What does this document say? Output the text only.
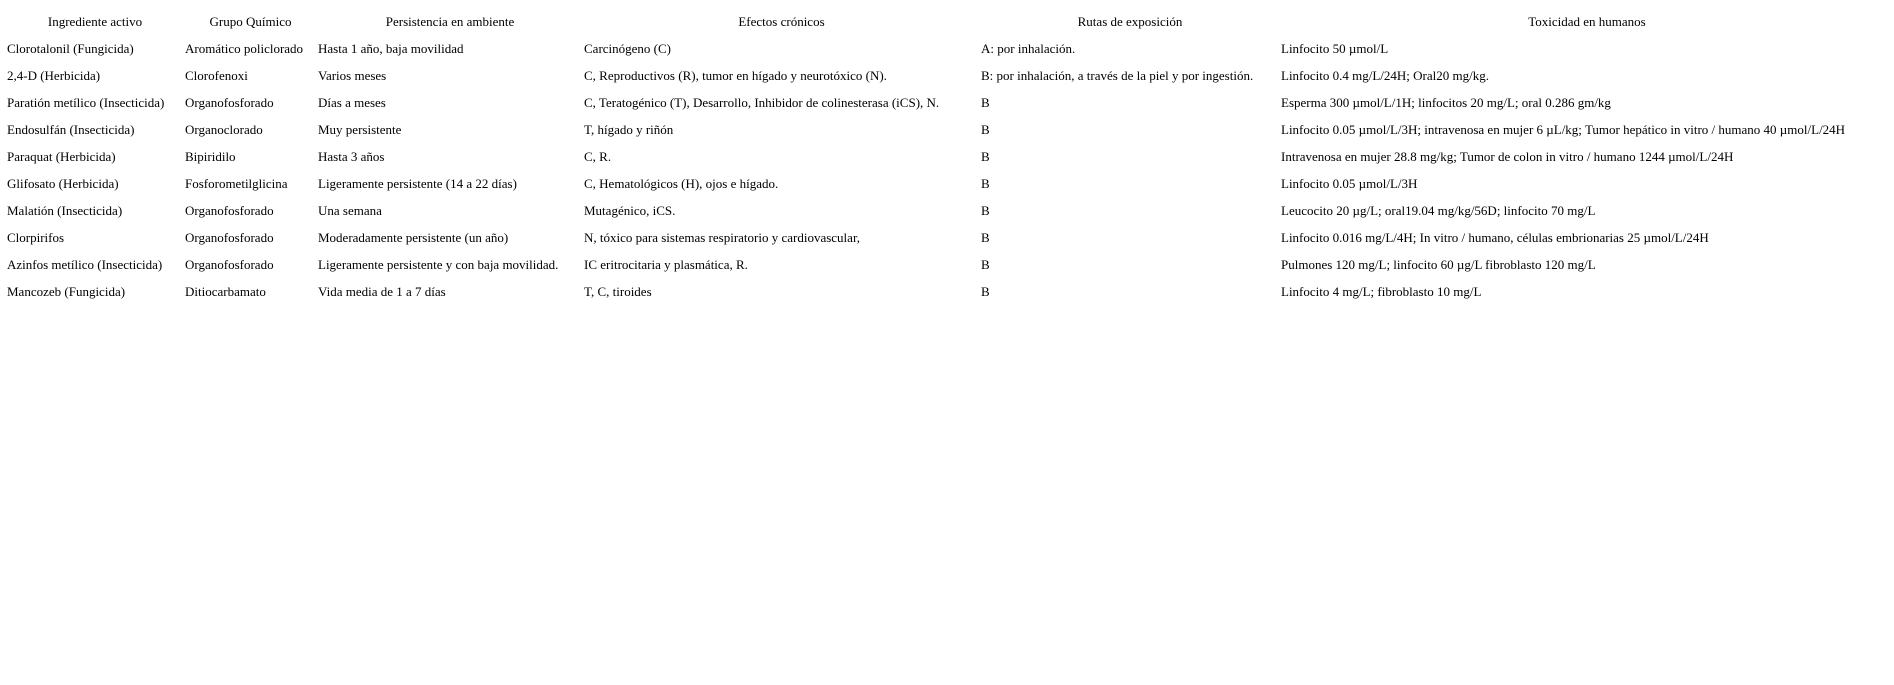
Ingrediente activo	Grupo Químico	Persistencia en ambiente	Efectos crónicos	Rutas de exposición	Toxicidad en humanos
Clorotalonil (Fungicida)	Aromático policlorado	Hasta 1 año, baja movilidad	Carcinógeno (C)	A: por inhalación.	Linfocito 50 µmol/L
2,4-D (Herbicida)	Clorofenoxi	Varios meses	C, Reproductivos (R), tumor en hígado y neurotóxico (N).	B: por inhalación, a través de la piel y por ingestión.	Linfocito 0.4 mg/L/24H; Oral20 mg/kg.
Paratión metílico (Insecticida)	Organofosforado	Días a meses	C, Teratogénico (T), Desarrollo, Inhibidor de colinesterasa (iCS), N.	B	Esperma 300 µmol/L/1H; linfocitos 20 mg/L; oral 0.286 gm/kg
Endosulfán (Insecticida)	Organoclorado	Muy persistente	T, hígado y riñón	B	Linfocito 0.05 µmol/L/3H; intravenosa en mujer 6 µL/kg; Tumor hepático in vitro / humano 40 µmol/L/24H
Paraquat (Herbicida)	Bipiridilo	Hasta 3 años	C, R.	B	Intravenosa en mujer 28.8 mg/kg; Tumor de colon in vitro / humano 1244 µmol/L/24H
Glifosato (Herbicida)	Fosforometilglicina	Ligeramente persistente (14 a 22 días)	C, Hematológicos (H), ojos e hígado.	B	Linfocito 0.05 µmol/L/3H
Malatión (Insecticida)	Organofosforado	Una semana	Mutagénico, iCS.	B	Leucocito 20 µg/L; oral19.04 mg/kg/56D; linfocito 70 mg/L
Clorpirifos	Organofosforado	Moderadamente persistente (un año)	N, tóxico para sistemas respiratorio y cardiovascular,	B	Linfocito 0.016 mg/L/4H; In vitro / humano, células embrionarias 25 µmol/L/24H
Azinfos metílico (Insecticida)	Organofosforado	Ligeramente persistente y con baja movilidad.	IC eritrocitaria y plasmática, R.	B	Pulmones 120 mg/L; linfocito 60 µg/L fibroblasto 120 mg/L
Mancozeb (Fungicida)	Ditiocarbamato	Vida media de 1 a 7 días	T, C, tiroides	B	Linfocito 4 mg/L; fibroblasto 10 mg/L
